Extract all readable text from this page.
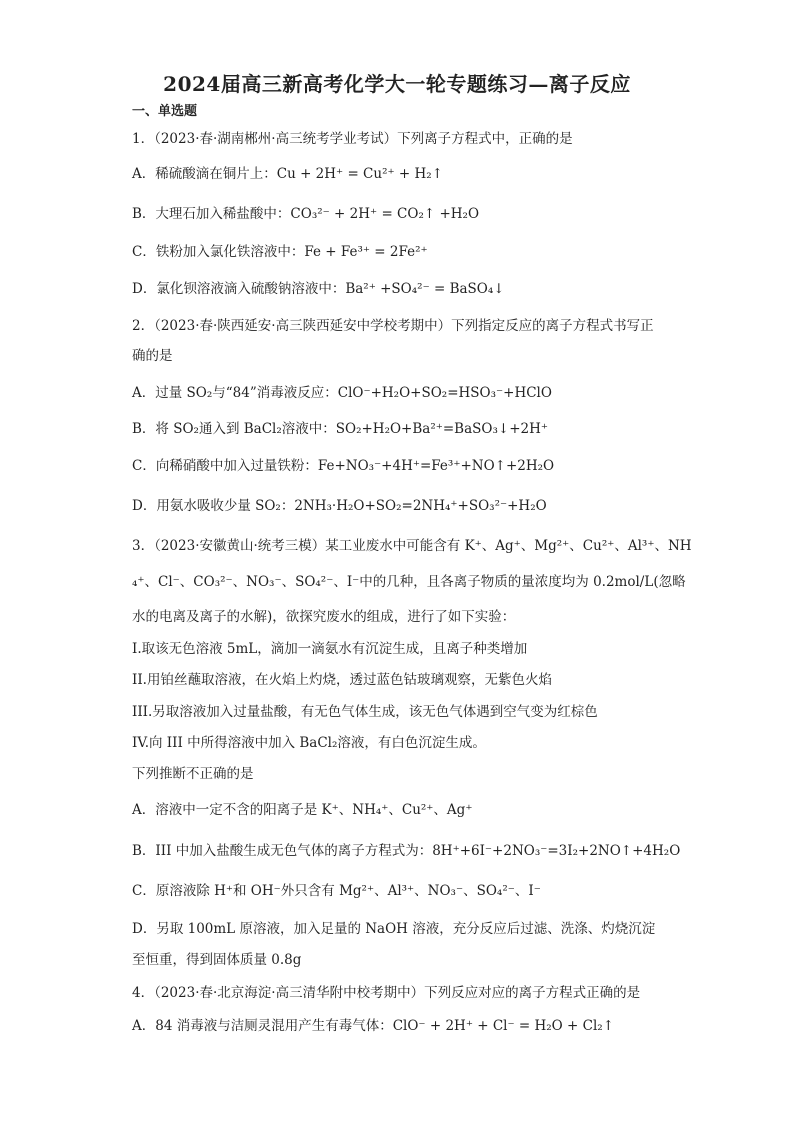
2024届高三新高考化学大一轮专题练习—离子反应
一、单选题
1．（2023·春·湖南郴州·高三统考学业考试）下列离子方程式中，正确的是
A．稀硫酸滴在铜片上：Cu + 2H⁺ = Cu²⁺ + H₂↑
B．大理石加入稀盐酸中：CO₃²⁻ + 2H⁺ = CO₂↑ +H₂O
C．铁粉加入氯化铁溶液中：Fe + Fe³⁺ = 2Fe²⁺
D．氯化钡溶液滴入硫酸钠溶液中：Ba²⁺ +SO₄²⁻ = BaSO₄↓
2．（2023·春·陕西延安·高三陕西延安中学校考期中）下列指定反应的离子方程式书写正
确的是
A．过量 SO₂与“84”消毒液反应：ClO⁻+H₂O+SO₂=HSO₃⁻+HClO
B．将 SO₂通入到 BaCl₂溶液中：SO₂+H₂O+Ba²⁺=BaSO₃↓+2H⁺
C．向稀硝酸中加入过量铁粉：Fe+NO₃⁻+4H⁺=Fe³⁺+NO↑+2H₂O
D．用氨水吸收少量 SO₂：2NH₃·H₂O+SO₂=2NH₄⁺+SO₃²⁻+H₂O
3．（2023·安徽黄山·统考三模）某工业废水中可能含有 K⁺、Ag⁺、Mg²⁺、Cu²⁺、Al³⁺、NH
₄⁺、Cl⁻、CO₃²⁻、NO₃⁻、SO₄²⁻、I⁻中的几种，且各离子物质的量浓度均为 0.2mol/L(忽略
水的电离及离子的水解)，欲探究废水的组成，进行了如下实验：
I.取该无色溶液 5mL，滴加一滴氨水有沉淀生成，且离子种类增加
II.用铂丝蘸取溶液，在火焰上灼烧，透过蓝色钴玻璃观察，无紫色火焰
III.另取溶液加入过量盐酸，有无色气体生成，该无色气体遇到空气变为红棕色
IV.向 III 中所得溶液中加入 BaCl₂溶液，有白色沉淀生成。
下列推断不正确的是
A．溶液中一定不含的阳离子是 K⁺、NH₄⁺、Cu²⁺、Ag⁺
B．III 中加入盐酸生成无色气体的离子方程式为：8H⁺+6I⁻+2NO₃⁻=3I₂+2NO↑+4H₂O
C．原溶液除 H⁺和 OH⁻外只含有 Mg²⁺、Al³⁺、NO₃⁻、SO₄²⁻、I⁻
D．另取 100mL 原溶液，加入足量的 NaOH 溶液，充分反应后过滤、洗涤、灼烧沉淀
至恒重，得到固体质量 0.8g
4．（2023·春·北京海淀·高三清华附中校考期中）下列反应对应的离子方程式正确的是
A．84 消毒液与洁厕灵混用产生有毒气体：ClO⁻ + 2H⁺ + Cl⁻ = H₂O + Cl₂↑
